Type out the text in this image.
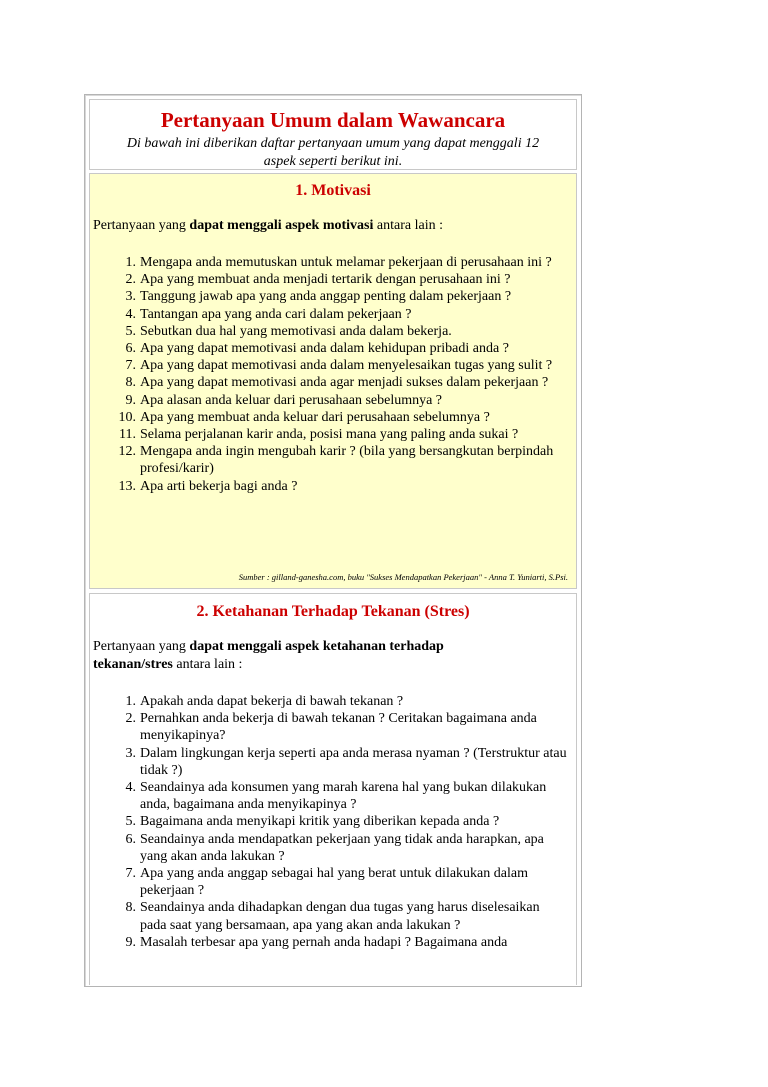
Pertanyaan Umum dalam Wawancara
Di bawah ini diberikan daftar pertanyaan umum yang dapat menggali 12
aspek seperti berikut ini.
1. Motivasi
Pertanyaan yang dapat menggali aspek motivasi antara lain :
1. Mengapa anda memutuskan untuk melamar pekerjaan di perusahaan ini ?
2. Apa yang membuat anda menjadi tertarik dengan perusahaan ini ?
3. Tanggung jawab apa yang anda anggap penting dalam pekerjaan ?
4. Tantangan apa yang anda cari dalam pekerjaan ?
5. Sebutkan dua hal yang memotivasi anda dalam bekerja.
6. Apa yang dapat memotivasi anda dalam kehidupan pribadi anda ?
7. Apa yang dapat memotivasi anda dalam menyelesaikan tugas yang sulit ?
8. Apa yang dapat memotivasi anda agar menjadi sukses dalam pekerjaan ?
9. Apa alasan anda keluar dari perusahaan sebelumnya ?
10. Apa yang membuat anda keluar dari perusahaan sebelumnya ?
11. Selama perjalanan karir anda, posisi mana yang paling anda sukai ?
12. Mengapa anda ingin mengubah karir ? (bila yang bersangkutan berpindah profesi/karir)
13. Apa arti bekerja bagi anda ?
Sumber : gilland-ganesha.com, buku "Sukses Mendapatkan Pekerjaan" - Anna T. Yuniarti, S.Psi.
2. Ketahanan Terhadap Tekanan (Stres)
Pertanyaan yang dapat menggali aspek ketahanan terhadap tekanan/stres antara lain :
1. Apakah anda dapat bekerja di bawah tekanan ?
2. Pernahkan anda bekerja di bawah tekanan ? Ceritakan bagaimana anda menyikapinya?
3. Dalam lingkungan kerja seperti apa anda merasa nyaman ? (Terstruktur atau tidak ?)
4. Seandainya ada konsumen yang marah karena hal yang bukan dilakukan anda, bagaimana anda menyikapinya ?
5. Bagaimana anda menyikapi kritik yang diberikan kepada anda ?
6. Seandainya anda mendapatkan pekerjaan yang tidak anda harapkan, apa yang akan anda lakukan ?
7. Apa yang anda anggap sebagai hal yang berat untuk dilakukan dalam pekerjaan ?
8. Seandainya anda dihadapkan dengan dua tugas yang harus diselesaikan pada saat yang bersamaan, apa yang akan anda lakukan ?
9. Masalah terbesar apa yang pernah anda hadapi ? Bagaimana anda
